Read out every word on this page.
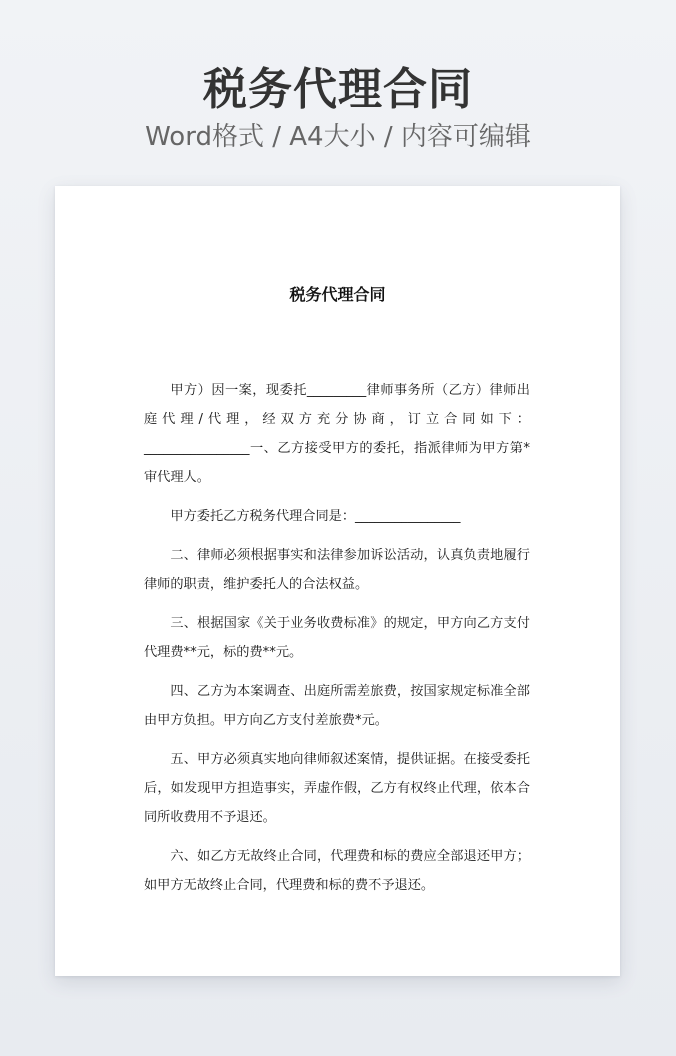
税务代理合同
Word格式 / A4大小 / 内容可编辑
税务代理合同

甲方）因一案，现委托_________律师事务所（乙方）律师出庭代理/代理，经双方充分协商，订立合同如下：________________一、乙方接受甲方的委托，指派律师为甲方第*审代理人。

甲方委托乙方税务代理合同是：________________

二、律师必须根据事实和法律参加诉讼活动，认真负责地履行律师的职责，维护委托人的合法权益。

三、根据国家《关于业务收费标准》的规定，甲方向乙方支付代理费**元，标的费**元。

四、乙方为本案调查、出庭所需差旅费，按国家规定标准全部由甲方负担。甲方向乙方支付差旅费*元。

五、甲方必须真实地向律师叙述案情，提供证据。在接受委托后，如发现甲方担造事实，弄虚作假，乙方有权终止代理，依本合同所收费用不予退还。

六、如乙方无故终止合同，代理费和标的费应全部退还甲方；如甲方无故终止合同，代理费和标的费不予退还。
